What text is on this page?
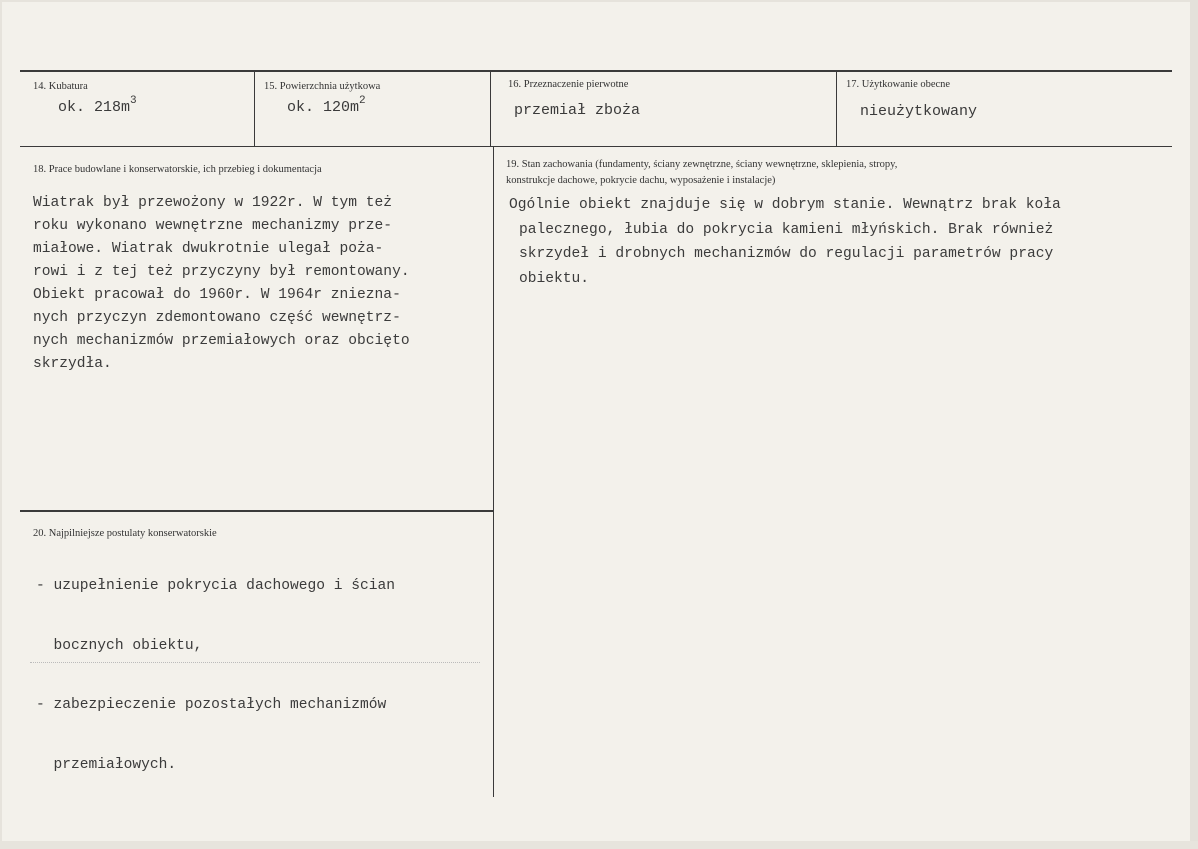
14. Kubatura
ok. $218m^3$
15. Powierzchnia użytkowa
ok. $120m^2$
16. Przeznaczenie pierwotne
przemiał zboża
17. Użytkowanie obecne
nieużytkowany
18. Prace budowlane i konserwatorskie, ich przebieg i dokumentacja
Wiatrak był przewożony w 1922r. W tym też
roku wykonano wewnętrzne mechanizmy prze-
miałowe. Wiatrak dwukrotnie ulegał poża-
rowi i z tej też przyczyny był remontowany.
Obiekt pracował do 1960r. W 1964r zniezna-
nych przyczyn zdemontowano część wewnętrz-
nych mechanizmów przemiałowych oraz obcięto
skrzydła.
19. Stan zachowania (fundamenty, ściany zewnętrzne, ściany wewnętrzne, sklepienia, stropy,
konstrukcje dachowe, pokrycie dachu, wyposażenie i instalacje)
Ogólnie obiekt znajduje się w dobrym stanie. Wewnątrz brak koła
palecznego, łubia do pokrycia kamieni młyńskich. Brak również
skrzydeł i drobnych mechanizmów do regulacji parametrów pracy
obiektu.
20. Najpilniejsze postulaty konserwatorskie

- uzupełnienie pokrycia dachowego i ścian

bocznych obiektu,

- zabezpieczenie pozostałych mechanizmów

przemiałowych.
